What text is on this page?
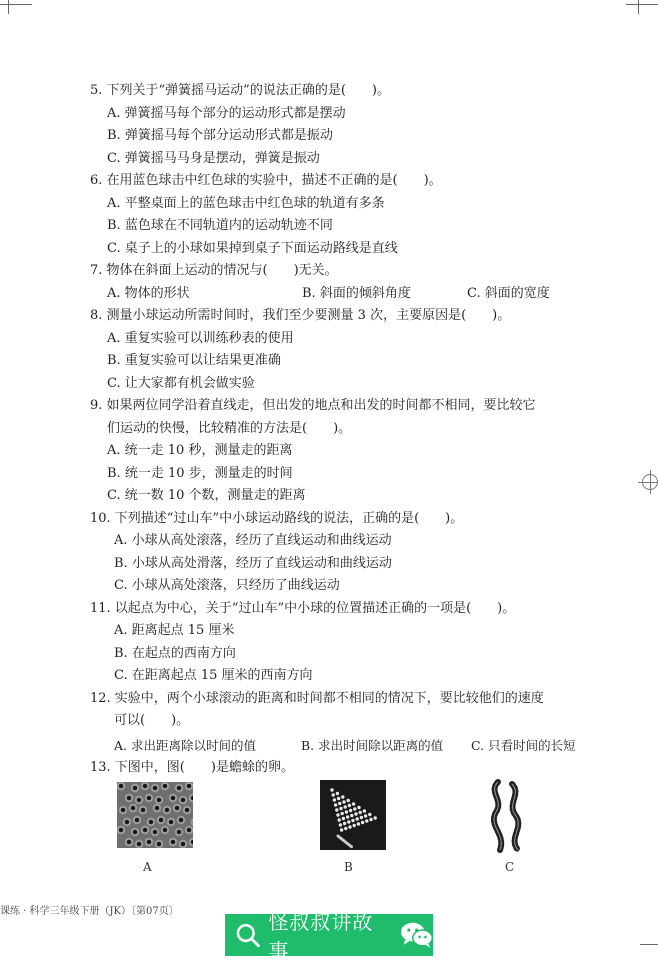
5. 下列关于“弹簧摇马运动”的说法正确的是(　　)。
A. 弹簧摇马每个部分的运动形式都是摆动
B. 弹簧摇马每个部分运动形式都是振动
C. 弹簧摇马马身是摆动，弹簧是振动
6. 在用蓝色球击中红色球的实验中，描述不正确的是(　　)。
A. 平整桌面上的蓝色球击中红色球的轨道有多条
B. 蓝色球在不同轨道内的运动轨迹不同
C. 桌子上的小球如果掉到桌子下面运动路线是直线
7. 物体在斜面上运动的情况与(　　)无关。
A. 物体的形状	B. 斜面的倾斜角度	C. 斜面的宽度
8. 测量小球运动所需时间时，我们至少要测量 3 次，主要原因是(　　)。
A. 重复实验可以训练秒表的使用
B. 重复实验可以让结果更准确
C. 让大家都有机会做实验
9. 如果两位同学沿着直线走，但出发的地点和出发的时间都不相同，要比较它
们运动的快慢，比较精准的方法是(　　)。
A. 统一走 10 秒，测量走的距离
B. 统一走 10 步，测量走的时间
C. 统一数 10 个数，测量走的距离
10. 下列描述“过山车”中小球运动路线的说法，正确的是(　　)。
A. 小球从高处滚落，经历了直线运动和曲线运动
B. 小球从高处滑落，经历了直线运动和曲线运动
C. 小球从高处滚落，只经历了曲线运动
11. 以起点为中心，关于“过山车”中小球的位置描述正确的一项是(　　)。
A. 距离起点 15 厘米
B. 在起点的西南方向
C. 在距离起点 15 厘米的西南方向
12. 实验中，两个小球滚动的距离和时间都不相同的情况下，要比较他们的速度
可以(　　)。
A. 求出距离除以时间的值	B. 求出时间除以距离的值	C. 只看时间的长短
13. 下图中，图(　　)是蟾蜍的卵。
A	B	C
课练 · 科学三年级下册（JK）〔第07页〕	怪叔叔讲故事
